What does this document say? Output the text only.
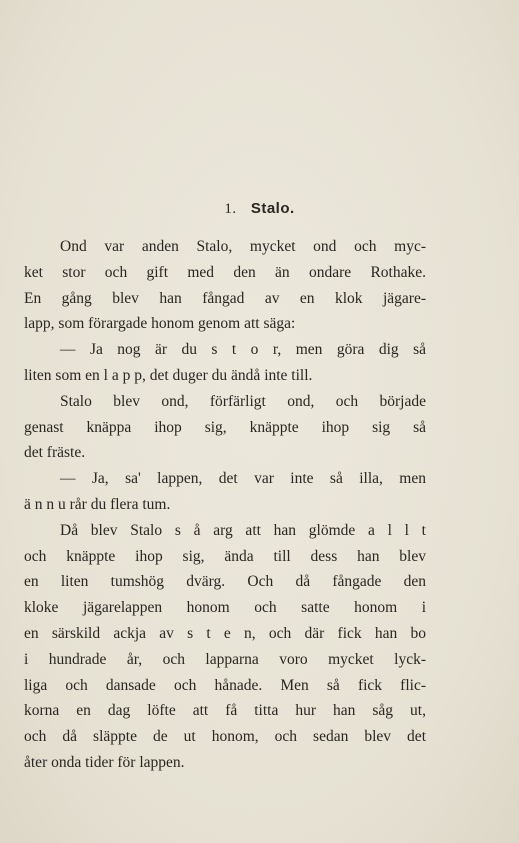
1. Stalo.
Ond var anden Stalo, mycket ond och myc-
ket stor och gift med den än ondare Rothake.
En gång blev han fångad av en klok jägare-
lapp, som förargade honom genom att säga:
— Ja nog är du s t o r, men göra dig så
liten som en l a p p, det duger du ändå inte till.
Stalo blev ond, förfärligt ond, och började
genast knäppa ihop sig, knäppte ihop sig så
det fräste.
— Ja, sa' lappen, det var inte så illa, men
ä n n u rår du flera tum.
Då blev Stalo s å arg att han glömde a l l t
och knäppte ihop sig, ända till dess han blev
en liten tumshög dvärg. Och då fångade den
kloke jägarelappen honom och satte honom i
en särskild ackja av s t e n, och där fick han bo
i hundrade år, och lapparna voro mycket lyck-
liga och dansade och hånade. Men så fick flic-
korna en dag löfte att få titta hur han såg ut,
och då släppte de ut honom, och sedan blev det
åter onda tider för lappen.
